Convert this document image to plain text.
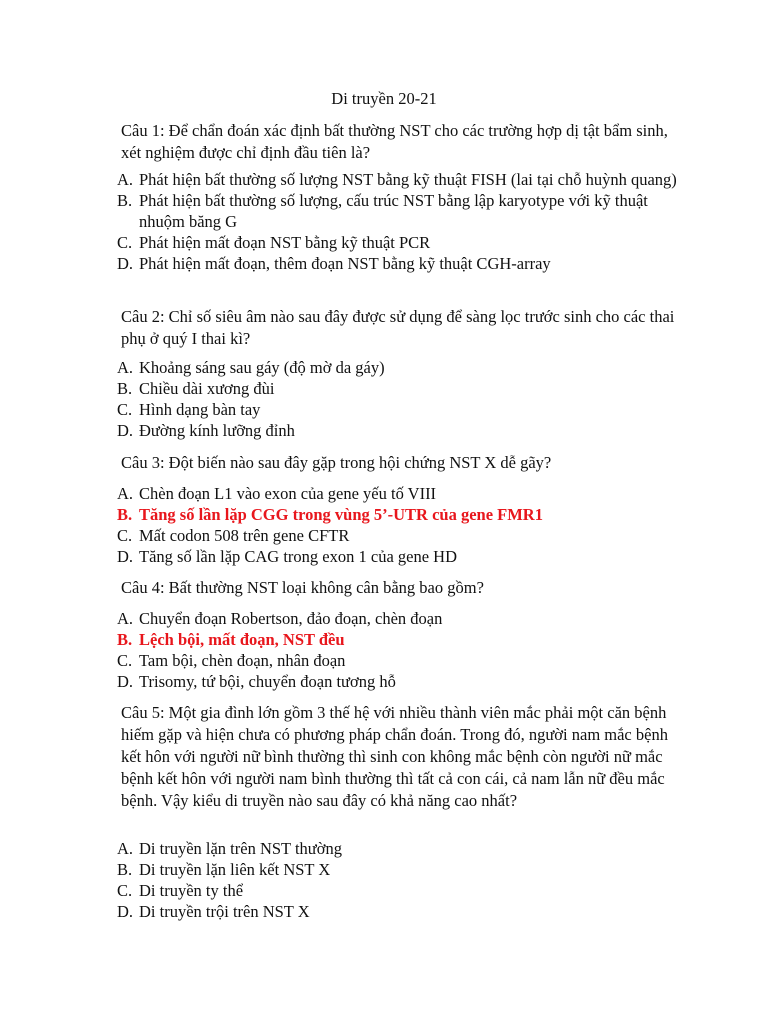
Di truyền 20-21

Câu 1: Để chẩn đoán xác định bất thường NST cho các trường hợp dị tật bẩm sinh, xét nghiệm được chỉ định đầu tiên là?

A. Phát hiện bất thường số lượng NST bằng kỹ thuật FISH (lai tại chỗ huỳnh quang)
B. Phát hiện bất thường số lượng, cấu trúc NST bằng lập karyotype với kỹ thuật nhuộm băng G
C. Phát hiện mất đoạn NST bằng kỹ thuật PCR
D. Phát hiện mất đoạn, thêm đoạn NST bằng kỹ thuật CGH-array

Câu 2: Chỉ số siêu âm nào sau đây được sử dụng để sàng lọc trước sinh cho các thai phụ ở quý I thai kì?

A. Khoảng sáng sau gáy (độ mờ da gáy)
B. Chiều dài xương đùi
C. Hình dạng bàn tay
D. Đường kính lưỡng đỉnh

Câu 3: Đột biến nào sau đây gặp trong hội chứng NST X dễ gãy?

A. Chèn đoạn L1 vào exon của gene yếu tố VIII
B. Tăng số lần lặp CGG trong vùng 5’-UTR của gene FMR1
C. Mất codon 508 trên gene CFTR
D. Tăng số lần lặp CAG trong exon 1 của gene HD

Câu 4: Bất thường NST loại không cân bằng bao gồm?

A. Chuyển đoạn Robertson, đảo đoạn, chèn đoạn
B. Lệch bội, mất đoạn, NST đều
C. Tam bội, chèn đoạn, nhân đoạn
D. Trisomy, tứ bội, chuyển đoạn tương hỗ

Câu 5: Một gia đình lớn gồm 3 thế hệ với nhiều thành viên mắc phải một căn bệnh hiếm gặp và hiện chưa có phương pháp chẩn đoán. Trong đó, người nam mắc bệnh kết hôn với người nữ bình thường thì sinh con không mắc bệnh còn người nữ mắc bệnh kết hôn với người nam bình thường thì tất cả con cái, cả nam lẫn nữ đều mắc bệnh. Vậy kiểu di truyền nào sau đây có khả năng cao nhất?

A. Di truyền lặn trên NST thường
B. Di truyền lặn liên kết NST X
C. Di truyền ty thể
D. Di truyền trội trên NST X
